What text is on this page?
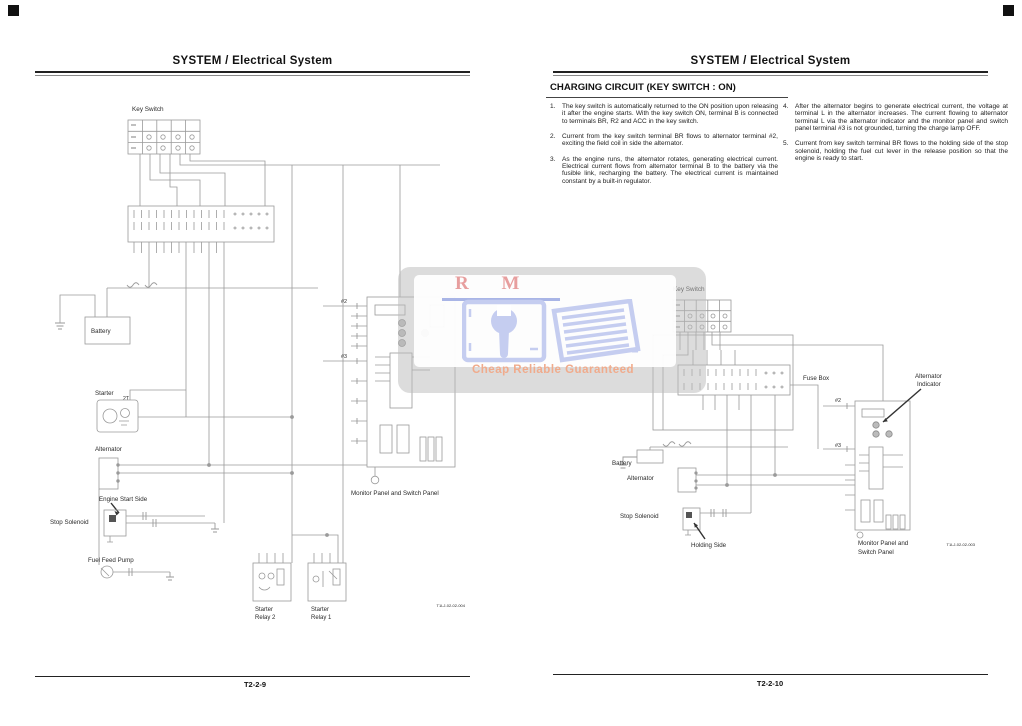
SYSTEM / Electrical System
Key Switch
Battery
Starter
2T
Alternator
Engine Start Side
Stop Solenoid
Fuel Feed Pump
Starter
Relay 2
Starter
Relay 1
#2
#3
Monitor Panel and Switch Panel
T1LJ-02-02-004
T2-2-9
SYSTEM / Electrical System
CHARGING CIRCUIT (KEY SWITCH : ON)
1. The key switch is automatically returned to the ON position upon releasing it after the engine starts. With the key switch ON, terminal B is connected to terminals BR, R2 and ACC in the key switch.
2. Current from the key switch terminal BR flows to alternator terminal #2, exciting the field coil in side the alternator.
3. As the engine runs, the alternator rotates, generating electrical current. Electrical current flows from alternator terminal B to the battery via the fusible link, recharging the battery. The electrical current is maintained constant by a built-in regulator.
4. After the alternator begins to generate electrical current, the voltage at terminal L in the alternator increases. The current flowing to alternator terminal L via the alternator indicator and the monitor panel and switch panel terminal #3 is not grounded, turning the charge lamp OFF.
5. Current from key switch terminal BR flows to the holding side of the stop solenoid, holding the fuel cut lever in the release position so that the engine is ready to start.
Fuse Box
Battery
Alternator
Stop Solenoid
Holding Side
#2
#3
Alternator
Indicator
Monitor Panel and
Switch Panel
T1LJ-02-02-003
T2-2-10
R M
Cheap Reliable Guaranteed
